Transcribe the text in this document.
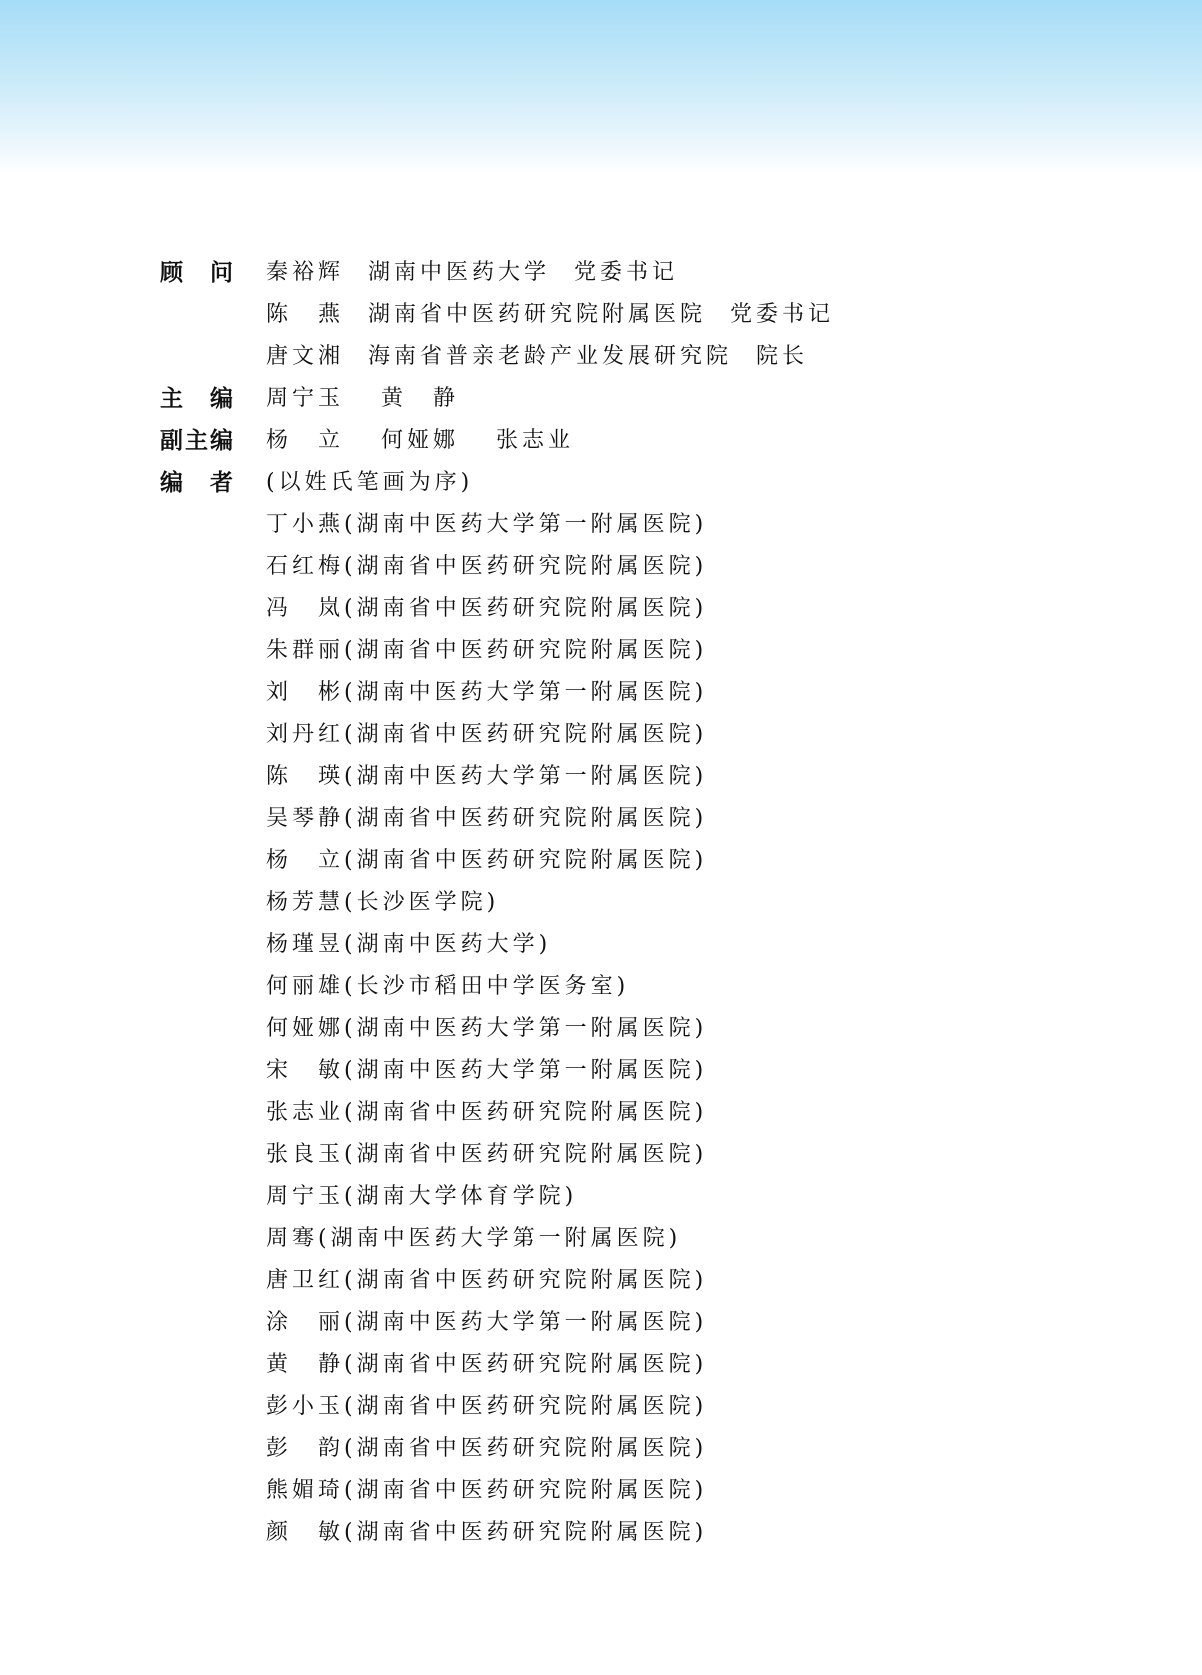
顾　问	秦裕辉 湖南中医药大学 党委书记
陈　燕 湖南省中医药研究院附属医院 党委书记
唐文湘 海南省普亲老龄产业发展研究院 院长
主　编	周宁玉　 黄　静
副主编	杨　立　 何娅娜　 张志业
编　者	(以姓氏笔画为序)
丁小燕(湖南中医药大学第一附属医院)
石红梅(湖南省中医药研究院附属医院)
冯　岚(湖南省中医药研究院附属医院)
朱群丽(湖南省中医药研究院附属医院)
刘　彬(湖南中医药大学第一附属医院)
刘丹红(湖南省中医药研究院附属医院)
陈　瑛(湖南中医药大学第一附属医院)
吴琴静(湖南省中医药研究院附属医院)
杨　立(湖南省中医药研究院附属医院)
杨芳慧(长沙医学院)
杨瑾昱(湖南中医药大学)
何丽雄(长沙市稻田中学医务室)
何娅娜(湖南中医药大学第一附属医院)
宋　敏(湖南中医药大学第一附属医院)
张志业(湖南省中医药研究院附属医院)
张良玉(湖南省中医药研究院附属医院)
周宁玉(湖南大学体育学院)
周骞(湖南中医药大学第一附属医院)
唐卫红(湖南省中医药研究院附属医院)
涂　丽(湖南中医药大学第一附属医院)
黄　静(湖南省中医药研究院附属医院)
彭小玉(湖南省中医药研究院附属医院)
彭　韵(湖南省中医药研究院附属医院)
熊媚琦(湖南省中医药研究院附属医院)
颜　敏(湖南省中医药研究院附属医院)
